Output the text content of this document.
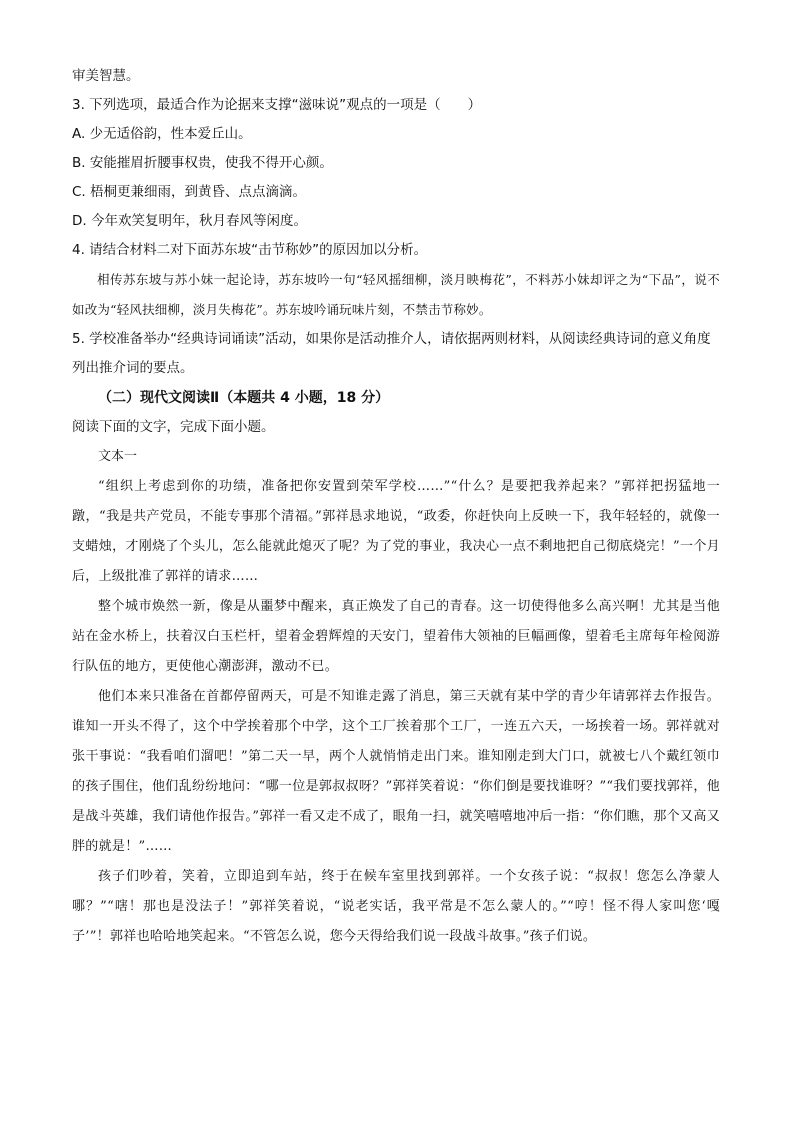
审美智慧。

3. 下列选项，最适合作为论据来支撑“滋味说”观点的一项是（　　）

A. 少无适俗韵，性本爱丘山。

B. 安能摧眉折腰事权贵，使我不得开心颜。

C. 梧桐更兼细雨，到黄昏、点点滴滴。

D. 今年欢笑复明年，秋月春风等闲度。

4. 请结合材料二对下面苏东坡“击节称妙”的原因加以分析。

相传苏东坡与苏小妹一起论诗，苏东坡吟一句“轻风摇细柳，淡月映梅花”，不料苏小妹却评之为“下品”，说不如改为“轻风扶细柳，淡月失梅花”。苏东坡吟诵玩味片刻，不禁击节称妙。

5. 学校准备举办“经典诗词诵读”活动，如果你是活动推介人，请依据两则材料，从阅读经典诗词的意义角度列出推介词的要点。

（二）现代文阅读Ⅱ（本题共 4 小题，18 分）

阅读下面的文字，完成下面小题。

文本一

“组织上考虑到你的功绩，准备把你安置到荣军学校……”“什么？是要把我养起来？”郭祥把拐猛地一蹾，“我是共产党员，不能专事那个清福。”郭祥恳求地说，“政委，你赶快向上反映一下，我年轻轻的，就像一支蜡烛，才刚烧了个头儿，怎么能就此熄灭了呢？为了党的事业，我决心一点不剩地把自己彻底烧完！”一个月后，上级批准了郭祥的请求……

整个城市焕然一新，像是从噩梦中醒来，真正焕发了自己的青春。这一切使得他多么高兴啊！尤其是当他站在金水桥上，扶着汉白玉栏杆，望着金碧辉煌的天安门，望着伟大领袖的巨幅画像，望着毛主席每年检阅游行队伍的地方，更使他心潮澎湃，激动不已。

他们本来只准备在首都停留两天，可是不知谁走露了消息，第三天就有某中学的青少年请郭祥去作报告。谁知一开头不得了，这个中学挨着那个中学，这个工厂挨着那个工厂，一连五六天，一场挨着一场。郭祥就对张干事说：“我看咱们溜吧！”第二天一早，两个人就悄悄走出门来。谁知刚走到大门口，就被七八个戴红领巾的孩子围住，他们乱纷纷地问：“哪一位是郭叔叔呀？”郭祥笑着说：“你们倒是要找谁呀？”“我们要找郭祥，他是战斗英雄，我们请他作报告。”郭祥一看又走不成了，眼角一扫，就笑嘻嘻地冲后一指：“你们瞧，那个又高又胖的就是！”……

孩子们吵着，笑着，立即追到车站，终于在候车室里找到郭祥。一个女孩子说：“叔叔！您怎么净蒙人哪？”“嗐！那也是没法子！”郭祥笑着说，“说老实话，我平常是不怎么蒙人的。”“哼！怪不得人家叫您‘嘎子’”！郭祥也哈哈地笑起来。“不管怎么说，您今天得给我们说一段战斗故事。”孩子们说。
